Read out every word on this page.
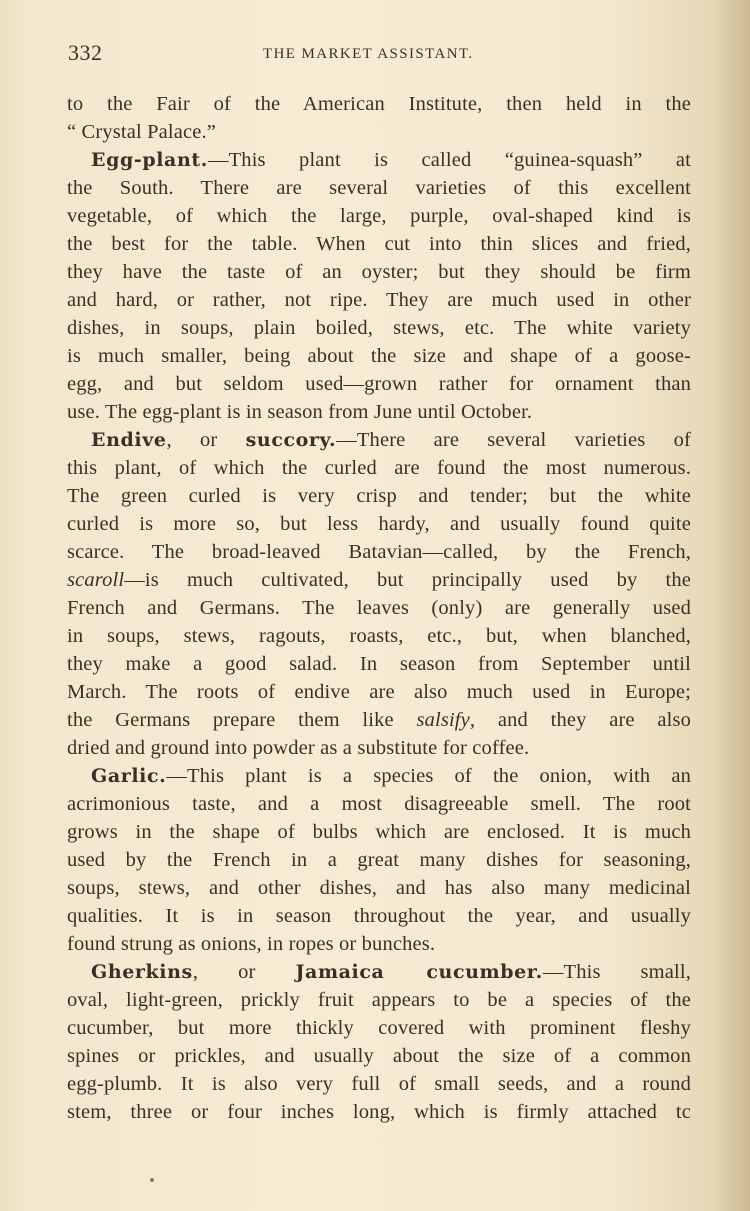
332	THE MARKET ASSISTANT.
to the Fair of the American Institute, then held in the
“ Crystal Palace.”
Egg-plant.—This plant is called “guinea-squash” at
the South. There are several varieties of this excellent
vegetable, of which the large, purple, oval-shaped kind is
the best for the table. When cut into thin slices and fried,
they have the taste of an oyster; but they should be firm
and hard, or rather, not ripe. They are much used in other
dishes, in soups, plain boiled, stews, etc. The white variety
is much smaller, being about the size and shape of a goose-
egg, and but seldom used—grown rather for ornament than
use. The egg-plant is in season from June until October.
Endive, or succory.—There are several varieties of
this plant, of which the curled are found the most numerous.
The green curled is very crisp and tender; but the white
curled is more so, but less hardy, and usually found quite
scarce. The broad-leaved Batavian—called, by the French,
scaroll—is much cultivated, but principally used by the
French and Germans. The leaves (only) are generally used
in soups, stews, ragouts, roasts, etc., but, when blanched,
they make a good salad. In season from September until
March. The roots of endive are also much used in Europe;
the Germans prepare them like salsify, and they are also
dried and ground into powder as a substitute for coffee.
Garlic.—This plant is a species of the onion, with an
acrimonious taste, and a most disagreeable smell. The root
grows in the shape of bulbs which are enclosed. It is much
used by the French in a great many dishes for seasoning,
soups, stews, and other dishes, and has also many medicinal
qualities. It is in season throughout the year, and usually
found strung as onions, in ropes or bunches.
Gherkins, or Jamaica cucumber.—This small,
oval, light-green, prickly fruit appears to be a species of the
cucumber, but more thickly covered with prominent fleshy
spines or prickles, and usually about the size of a common
egg-plumb. It is also very full of small seeds, and a round
stem, three or four inches long, which is firmly attached tc
